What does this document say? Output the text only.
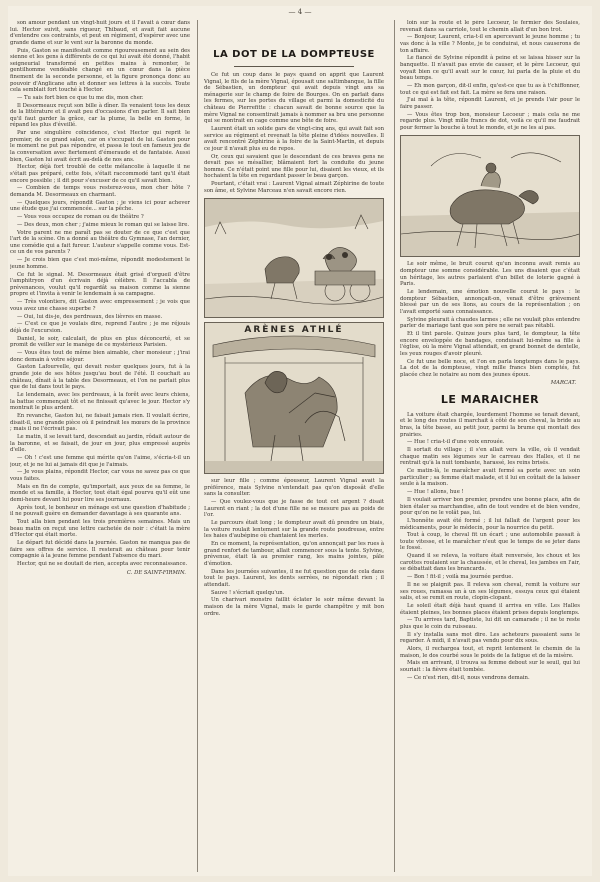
— 4 —

son amour pendant un vingt-huit jours et il l'avait à cœur dans lui. Hector suivit, sans rigueur, Thibaud, et avait fait aucune d'entendre ces contraints, et peut en régiment, d'espérer avec une grande dame et sur le vent sur la baronne du monde.

Puis, Gaston se manifestait comme rigoureusement au sein des sienne et les gens à différents de ce qui lui avait été donné, l'habit seigneurial transformé en petites mains à remonter, le gentilhomme vendéable changé en un cœur dans la pièce finement de la seconde personne, et la figure prononça donc au pouvoir d'Anglicane afin et donner ses lettres à la succès. Toute cela semblait fort touché à Hector.

— Tu sais fort bien ce que tu me dis, mon cher.

Il Desormeaux reçut son bille à dîner. Ils venaient tous les deux de la littérature et il avait peu d'occasions d'en parler. Il sait bien qu'il faut garder la grâce, car la plume, la belle en forme, le répand les plus d'éveillé.

Par une singulière coïncidence, c'est Hector qui reprit le premier, de ce grand salon, car on s'occupait de lui. Gaston pour le moment ne put pas répondre, et passa le tout en fameux jeu de la conversation avec fiertement d'émeraude et de fantaisie. Aussi bien, Gaston lui avait écrit au-delà de nos ans.

Hector, déjà fort troublé de cette mélancolie à laquelle il ne s'était pas préparé, cette fois, s'était raccommodé tant qu'il était encore possible ; il dit pour s'excuser de ce qu'il savait bien.

— Combien de temps vous resterez-vous, mon cher hôte ? demanda M. Desormeaux en charmant.

— Quelques jours, répondit Gaston ; je viens ici pour achever une étude que j'ai commencée... sur la pêche.

— Vous vous occupez de roman ou de théâtre ?

— Des deux, mon cher ; j'aime mieux le roman qui se laisse lire.

Votre parent ne me paraît pas se douter de ce que c'est que l'art de la scène. On a donné au théâtre du Gymnase, l'an dernier, une comédie qui a fait fureur. L'auteur s'appelle comme vous. Est-ce un de vos parents ?

— Je crois bien que c'est moi-même, répondit modestement le jeune homme.

Ce fut le signal. M. Desormeaux était grisé d'orgueil d'être l'amphitryon d'un écrivain déjà célèbre. Il l'accabla de prévenances, voulut qu'il regardât sa maison comme la sienne propre et l'invita à venir le lendemain à sa campagne.

— Très volontiers, dit Gaston avec empressement ; je vois que vous avez une chasse superbe ?

— Oui, lui dis-je, des perdreaux, des lièvres en masse.

— C'est ce que je voulais dire, reprend l'autre ; je me réjouis déjà de l'excursion.

Daniel, le soir, calculait, de plus en plus déconcerté, et se promit de veiller sur le manège de ce mystérieux Parisien.

— Vous êtes tout de même bien aimable, cher monsieur ; j'irai donc demain à votre séjour.

Gaston Lafourvelle, qui devait rester quelques jours, fut à la grande joie de ses hôtes jusqu'au bout de l'été. Il couchait au château, dînait à la table des Desormeaux, et l'on ne parlait plus que de lui dans tout le pays.

Le lendemain, avec les perdreaux, à la forêt avec leurs chiens, la battue commençait tôt et ne finissait qu'avec le jour. Hector s'y montrait le plus ardent.

En revanche, Gaston lui, ne faisait jamais rien. Il voulait écrire, disait-il, une grande pièce où il peindrait les mœurs de la province ; mais il ne l'écrivait pas.

Le matin, il se levait tard, descendait au jardin, rôdait autour de la baronne, et se faisait, de jour en jour, plus empressé auprès d'elle.

— Oh ! c'est une femme qui mérite qu'on l'aime, s'écria-t-il un jour, et je ne lui ai jamais dit que je l'aimais.

— Je vous plains, répondit Hector, car vous ne savez pas ce que vous faites.

Mais en fin de compte, qu'importait, aux yeux de sa femme, le monde et sa famille, à Hector, tout était égal pourvu qu'il eût une demi-heure devant lui pour lire ses journaux.

Après tout, le bonheur en ménage est une question d'habitude ; il ne pouvait guère en demander davantage à ses quarante ans.

Tout alla bien pendant les trois premières semaines. Mais un beau matin on reçut une lettre cachetée de noir : c'était la mère d'Hector qui était morte.

Le départ fut décidé dans la journée. Gaston ne manqua pas de faire ses offres de service. Il resterait au château pour tenir compagnie à la jeune femme pendant l'absence du mari.

Hector, qui ne se doutait de rien, accepta avec reconnaissance.

C. DE SAINT-FIRMIN.
LA DOT DE LA DOMPTEUSE

Ce fut un coup dans le pays quand on apprit que Laurent Vignal, le fils de la mère Vignal, épousait une saltimbanque, la fille de Sébastien, un dompteur qui avait depuis vingt ans sa ménagerie sur le champ de foire de Bourges. On en parlait dans les fermes, sur les portes du village et parmi la domesticité du château de Pierrefitte : chacun savait de bonne source que la mère Vignal ne consentirait jamais à nommer sa bru une personne qui se montrait en cage comme une bête de foire.

Laurent était un solide gars de vingt-cinq ans, qui avait fait son service au régiment et revenait la tête pleine d'idées nouvelles. Il avait rencontré Zéphirine à la foire de la Saint-Martin, et depuis ce jour il n'avait plus eu de repos.

Or, ceux qui savaient que le descendant de ces braves gens ne devait pas se mésallier, blâmaient fort la conduite du jeune homme. Ce n'était point une fille pour lui, disaient les vieux, et ils hochaient la tête en regardant passer le beau garçon.

Pourtant, c'était vrai : Laurent Vignal aimait Zéphirine de toute son âme, et Sylvine Marceau n'en savait encore rien.

ARÈNES ATHLÉ

sur leur fille ; comme épouseur, Laurent Vignal avait la préférence, mais Sylvine n'entendait pas qu'on disposât d'elle sans la consulter.

— Que voulez-vous que je fasse de tout cet argent ? disait Laurent en riant ; la dot d'une fille ne se mesure pas au poids de l'or.

Le parcours était long ; le dompteur avait dû prendre un biais, la voiture roulait lentement sur la grande route poudreuse, entre les haies d'aubépine où chantaient les merles.

En ce moment, la représentation, qu'on annonçait par les rues à grand renfort de tambour, allait commencer sous la tente. Sylvine, prévenue, était là au premier rang, les mains jointes, pâle d'émotion.

Dans les journées suivantes, il ne fut question que de cela dans tout le pays. Laurent, les dents serrées, ne répondait rien ; il attendait.

Sauve ! s'écriait quelqu'un.

Un charivari monstre faillit éclater le soir même devant la maison de la mère Vignal, mais le garde champêtre y mit bon ordre.

loin sur la route et le père Lecoeur, le fermier des Soulaies, revenait dans sa carriole, tout le chemin allait d'un bon trot.

— Bonjour, Laurent, cria-t-il en apercevant le jeune homme ; tu vas donc à la ville ? Monte, je te conduirai, et nous causerons de ton affaire.

Le fiancé de Sylvine répondit à peine et se laissa hisser sur la banquette. Il n'avait pas envie de causer, et le père Lecoeur, qui voyait bien ce qu'il avait sur le cœur, lui parla de la pluie et du beau temps.

— Eh mon garçon, dit-il enfin, qu'est-ce que tu as à t'chiffonner, tout ce qui est fait est fait. La mère se fera une raison.

J'ai mal à la tête, répondit Laurent, et je prends l'air pour le faire passer.

— Vous êtes trop bon, monsieur Lecoeur ; mais cela ne me regarde plus. Vingt mille francs de dot, voilà ce qu'il me faudrait pour fermer la bouche à tout le monde, et je ne les ai pas.

Le soir même, le bruit courut qu'un inconnu avait remis au dompteur une somme considérable. Les uns disaient que c'était un héritage, les autres parlaient d'un billet de loterie gagné à Paris.

Le lendemain, une émotion nouvelle courut le pays : le dompteur Sébastien, annonçait-on, venait d'être grièvement blessé par un de ses lions, au cours de la représentation ; on l'avait emporté sans connaissance.

Sylvine pleurait à chaudes larmes ; elle ne voulait plus entendre parler de mariage tant que son père ne serait pas rétabli.

Et il tint parole. Quinze jours plus tard, le dompteur, la tête encore enveloppée de bandages, conduisait lui-même sa fille à l'église, où la mère Vignal attendait, en grand bonnet de dentelle, les yeux rouges d'avoir pleuré.

Ce fut une belle noce, et l'on en parla longtemps dans le pays. La dot de la dompteuse, vingt mille francs bien comptés, fut placée chez le notaire au nom des jeunes époux.

MARCAT.
LE MARAICHER

La voiture était chargée, lourdement l'homme se tenait devant, et le long des routes il marchait à côté de son cheval, la bride au bras, la tête basse, au petit jour, parmi la brume qui montait des prairies.

— Hue ! cria-t-il d'une voix enrouée.

Il sortait du village ; il s'en allait vers la ville, où il vendait chaque matin ses légumes sur le carreau des Halles, et il ne rentrait qu'à la nuit tombante, harassé, les reins brisés.

Ce matin-là, le maraîcher avait fermé sa porte avec un soin particulier ; sa femme était malade, et il lui en coûtait de la laisser seule à la maison.

— Hue ! allons, hue !

Il voulait arriver bon premier, prendre une bonne place, afin de bien étaler sa marchandise, afin de tout vendre et de bien vendre, pour qu'on ne le volât pas, lui.

L'honnête avait été formé ; il lui fallait de l'argent pour les médicaments, pour le médecin, pour la nourrice du petit.

Tout à coup, le cheval fit un écart ; une automobile passait à toute vitesse, et le maraîcher n'eut que le temps de se jeter dans le fossé.

Quand il se releva, la voiture était renversée, les choux et les carottes roulaient sur la chaussée, et le cheval, les jambes en l'air, se débattait dans les brancards.

— Bon ! fit-il ; voilà ma journée perdue.

Il ne se plaignit pas. Il releva son cheval, remit la voiture sur ses roues, ramassa un à un ses légumes, essuya ceux qui étaient salis, et se remit en route, clopin-clopant.

Le soleil était déjà haut quand il arriva en ville. Les Halles étaient pleines, les bonnes places étaient prises depuis longtemps.

— Tu arrives tard, Baptiste, lui dit un camarade ; il ne te reste plus que le coin du ruisseau.

Il s'y installa sans mot dire. Les acheteurs passaient sans le regarder. À midi, il n'avait pas vendu pour dix sous.

Alors, il rechargea tout, et reprit lentement le chemin de la maison, le dos courbé sous le poids de la fatigue et de la misère.

Mais en arrivant, il trouva sa femme debout sur le seuil, qui lui souriait : la fièvre était tombée.

— Ce n'est rien, dit-il, nous vendrons demain.
